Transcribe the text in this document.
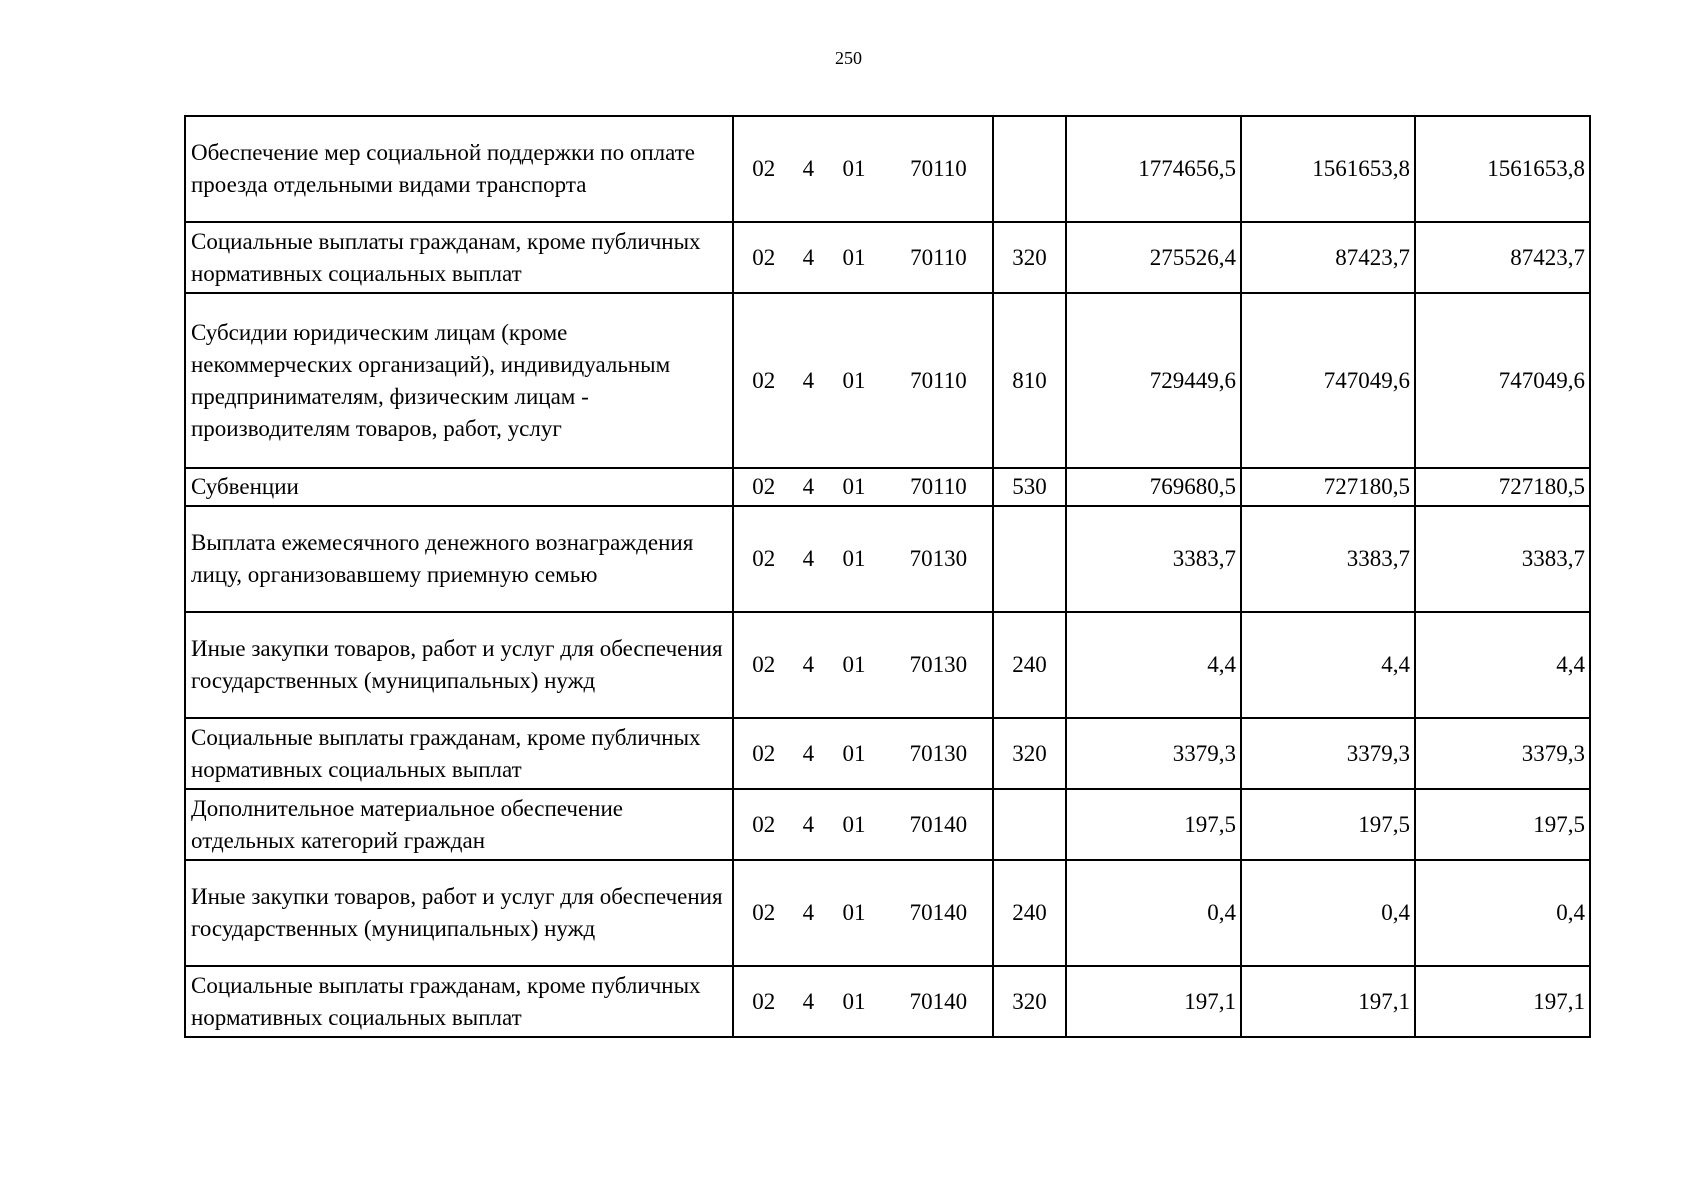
250
Обеспечение мер социальной поддержки по оплате проезда отдельными видами транспорта	02 4 01 70110		1774656,5	1561653,8	1561653,8
Социальные выплаты гражданам, кроме публичных нормативных социальных выплат	02 4 01 70110	320	275526,4	87423,7	87423,7
Субсидии юридическим лицам (кроме некоммерческих организаций), индивидуальным предпринимателям, физическим лицам - производителям товаров, работ, услуг	02 4 01 70110	810	729449,6	747049,6	747049,6
Субвенции	02 4 01 70110	530	769680,5	727180,5	727180,5
Выплата ежемесячного денежного вознаграждения лицу, организовавшему приемную семью	02 4 01 70130		3383,7	3383,7	3383,7
Иные закупки товаров, работ и услуг для обеспечения государственных (муниципальных) нужд	02 4 01 70130	240	4,4	4,4	4,4
Социальные выплаты гражданам, кроме публичных нормативных социальных выплат	02 4 01 70130	320	3379,3	3379,3	3379,3
Дополнительное материальное обеспечение отдельных категорий граждан	02 4 01 70140		197,5	197,5	197,5
Иные закупки товаров, работ и услуг для обеспечения государственных (муниципальных) нужд	02 4 01 70140	240	0,4	0,4	0,4
Социальные выплаты гражданам, кроме публичных нормативных социальных выплат	02 4 01 70140	320	197,1	197,1	197,1
